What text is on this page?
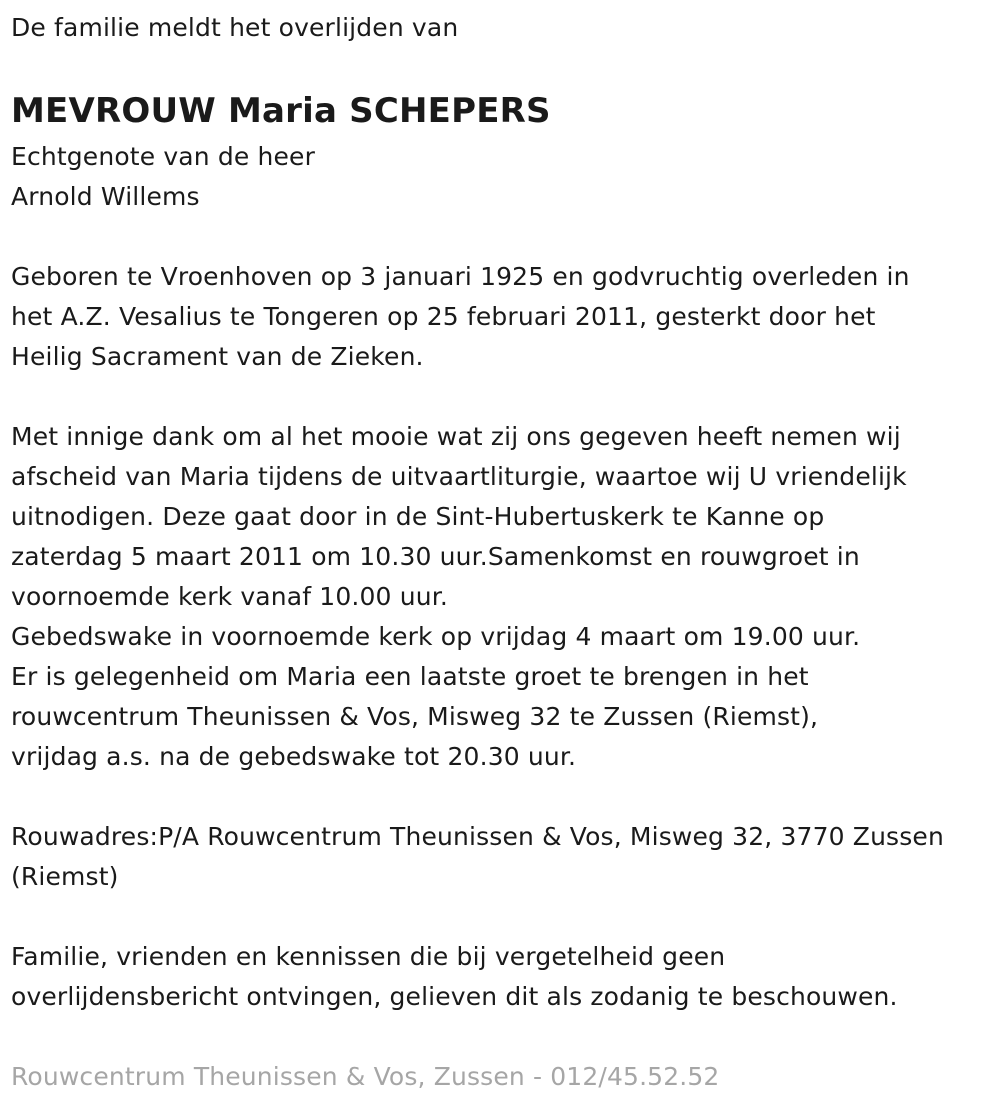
De familie meldt het overlijden van
MEVROUW Maria SCHEPERS
Echtgenote van de heer
Arnold Willems
Geboren te Vroenhoven op 3 januari 1925 en godvruchtig overleden in
het A.Z. Vesalius te Tongeren op 25 februari 2011, gesterkt door het
Heilig Sacrament van de Zieken.
Met innige dank om al het mooie wat zij ons gegeven heeft nemen wij
afscheid van Maria tijdens de uitvaartliturgie, waartoe wij U vriendelijk
uitnodigen. Deze gaat door in de Sint-Hubertuskerk te Kanne op
zaterdag 5 maart 2011 om 10.30 uur.Samenkomst en rouwgroet in
voornoemde kerk vanaf 10.00 uur.
Gebedswake in voornoemde kerk op vrijdag 4 maart om 19.00 uur.
Er is gelegenheid om Maria een laatste groet te brengen in het
rouwcentrum Theunissen & Vos, Misweg 32 te Zussen (Riemst),
vrijdag a.s. na de gebedswake tot 20.30 uur.
Rouwadres:P/A Rouwcentrum Theunissen & Vos, Misweg 32, 3770 Zussen
(Riemst)
Familie, vrienden en kennissen die bij vergetelheid geen
overlijdensbericht ontvingen, gelieven dit als zodanig te beschouwen.
Rouwcentrum Theunissen & Vos, Zussen - 012/45.52.52
